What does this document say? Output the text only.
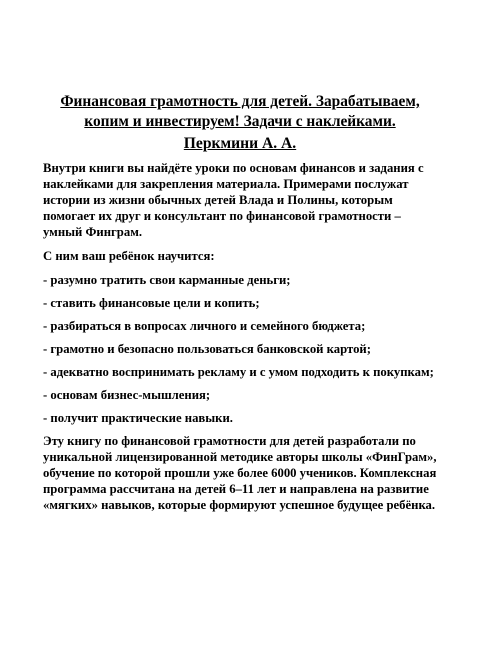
Финансовая грамотность для детей. Зарабатываем, копим и инвестируем! Задачи с наклейками.
Перкмини А. А.

Внутри книги вы найдёте уроки по основам финансов и задания с наклейками для закрепления материала. Примерами послужат истории из жизни обычных детей Влада и Полины, которым помогает их друг и консультант по финансовой грамотности – умный Финграм.

С ним ваш ребёнок научится:

- разумно тратить свои карманные деньги;

- ставить финансовые цели и копить;

- разбираться в вопросах личного и семейного бюджета;

- грамотно и безопасно пользоваться банковской картой;

- адекватно воспринимать рекламу и с умом подходить к покупкам;

- основам бизнес-мышления;

- получит практические навыки.

Эту книгу по финансовой грамотности для детей разработали по уникальной лицензированной методике авторы школы «ФинГрам», обучение по которой прошли уже более 6000 учеников. Комплексная программа рассчитана на детей 6–11 лет и направлена на развитие «мягких» навыков, которые формируют успешное будущее ребёнка.
